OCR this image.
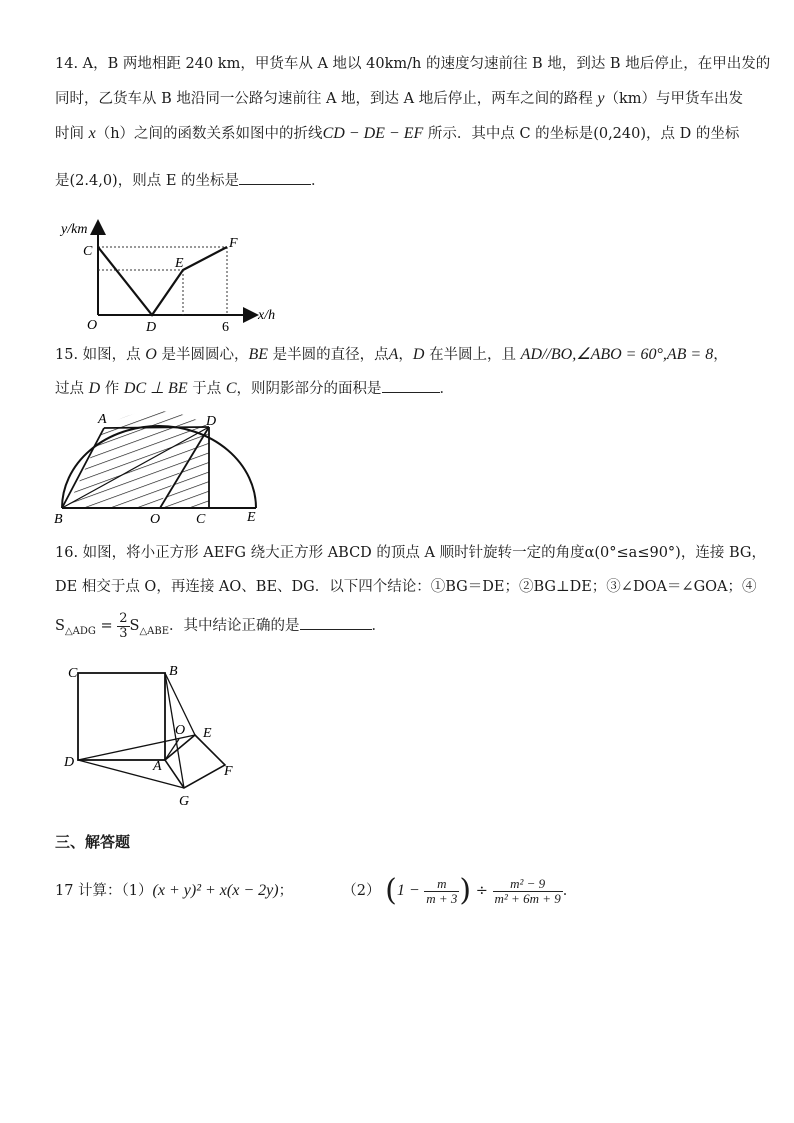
14. A，B 两地相距 240 km，甲货车从 A 地以 40km/h 的速度匀速前往 B 地，到达 B 地后停止，在甲出发的
同时，乙货车从 B 地沿同一公路匀速前往 A 地，到达 A 地后停止，两车之间的路程 y（km）与甲货车出发
时间 x（h）之间的函数关系如图中的折线CD − DE − EF 所示．其中点 C 的坐标是(0,240)，点 D 的坐标
是(2.4,0)，则点 E 的坐标是	．
y/km
x/h
C
O	D
E
F
6
15. 如图，点 O 是半圆圆心，BE 是半圆的直径，点A，D 在半圆上，且 AD//BO,∠ABO = 60°,AB = 8，
过点 D 作 DC ⊥ BE 于点 C，则阴影部分的面积是	．
A	D
B	O	C	E
16. 如图，将小正方形 AEFG 绕大正方形 ABCD 的顶点 A 顺时针旋转一定的角度α(0°≤a≤90°)，连接 BG，
DE 相交于点 O，再连接 AO、BE、DG．以下四个结论：①BG＝DE；②BG⊥DE；③∠DOA＝∠GOA；④
$S_{\triangle ADG} = \frac{2}{3} S_{\triangle ABE}$．其中结论正确的是	．
C	B
O E
D	A	F
G
三、解答题
17 计算：（1）(x + y)² + x(x − 2y)；	（2） ($1 - \frac{m}{m + 3}$ ) ÷ $\frac{\text{m² − 9}}{\text{m² + 6m + 9}}$ ．
